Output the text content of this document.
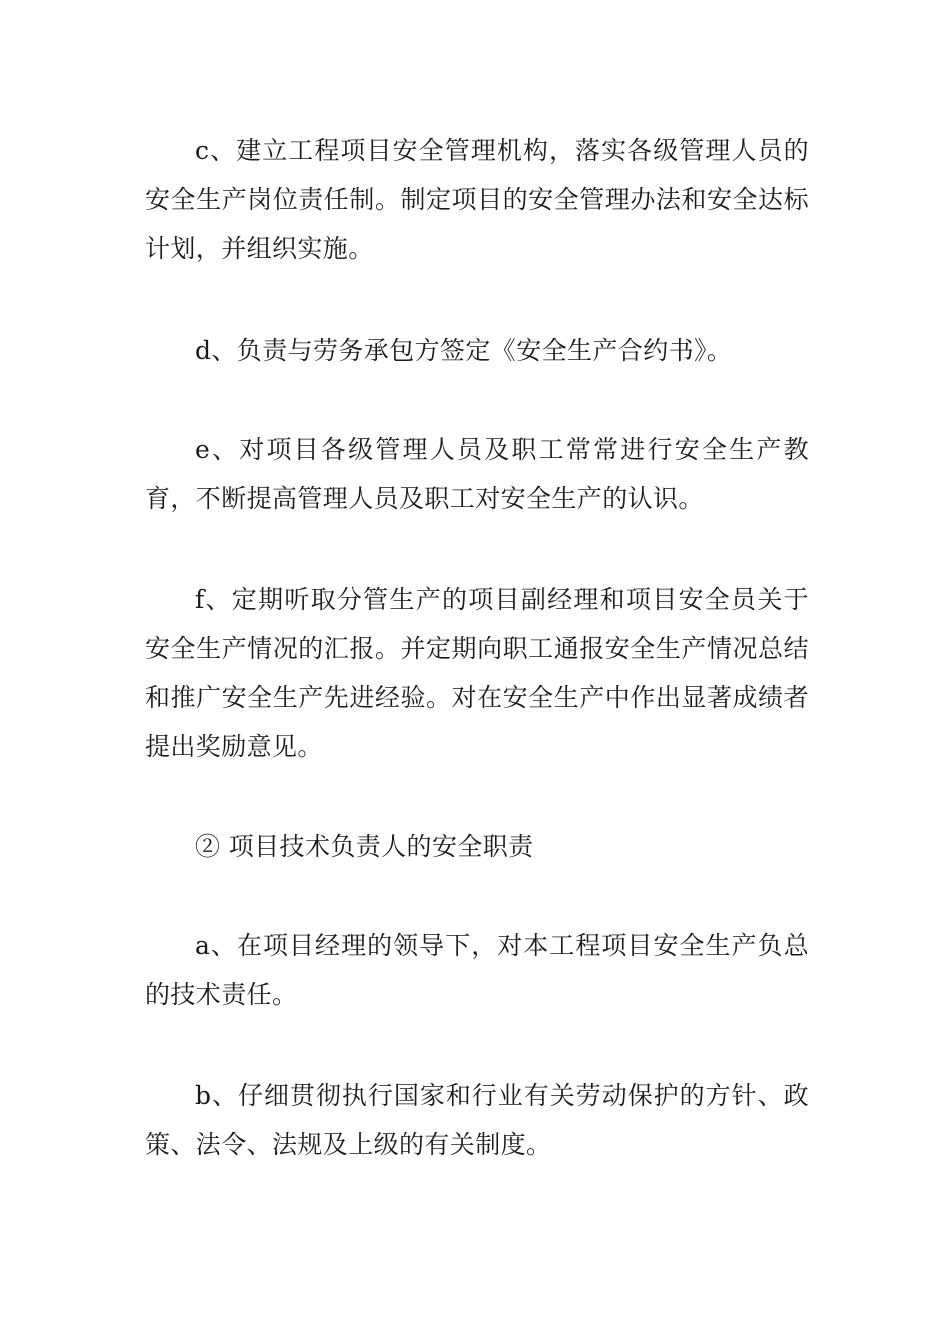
c、建立工程项目安全管理机构，落实各级管理人员的安全生产岗位责任制。制定项目的安全管理办法和安全达标计划，并组织实施。

d、负责与劳务承包方签定《安全生产合约书》。

e、对项目各级管理人员及职工常常进行安全生产教育，不断提高管理人员及职工对安全生产的认识。

f、定期听取分管生产的项目副经理和项目安全员关于安全生产情况的汇报。并定期向职工通报安全生产情况总结和推广安全生产先进经验。对在安全生产中作出显著成绩者提出奖励意见。

② 项目技术负责人的安全职责

a、在项目经理的领导下，对本工程项目安全生产负总的技术责任。

b、仔细贯彻执行国家和行业有关劳动保护的方针、政策、法令、法规及上级的有关制度。
